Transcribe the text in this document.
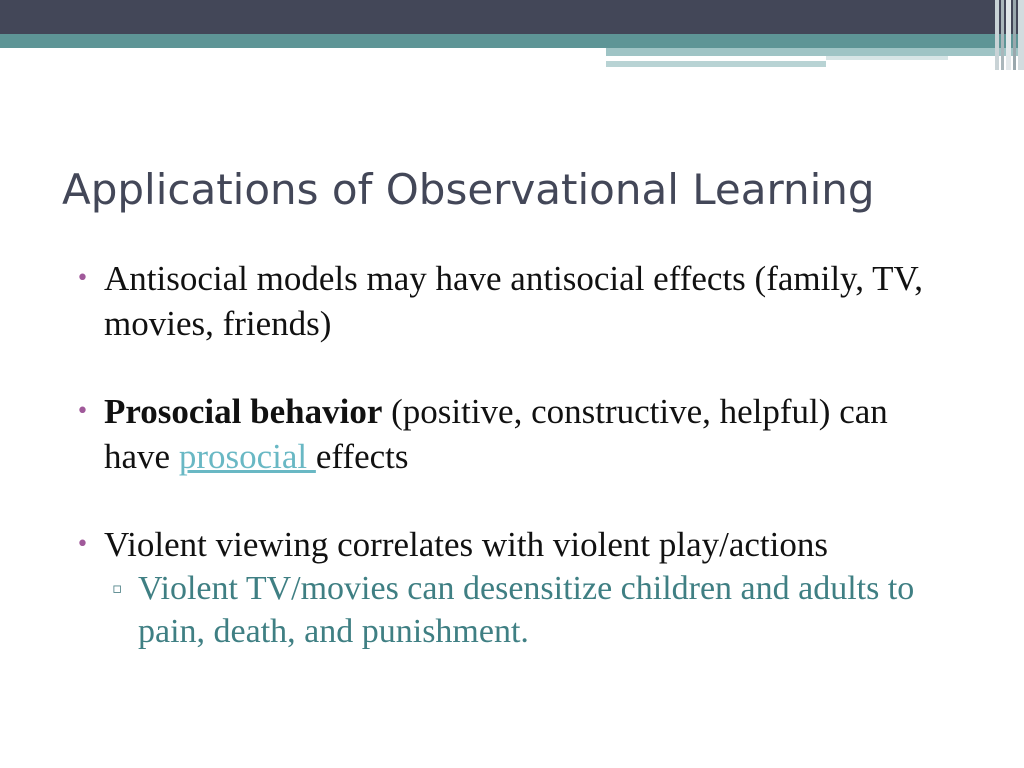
Applications of Observational Learning
• Antisocial models may have antisocial effects (family, TV, movies, friends)
• Prosocial behavior (positive, constructive, helpful) can have prosocial effects
• Violent viewing correlates with violent play/actions
▫ Violent TV/movies can desensitize children and adults to pain, death, and punishment.
